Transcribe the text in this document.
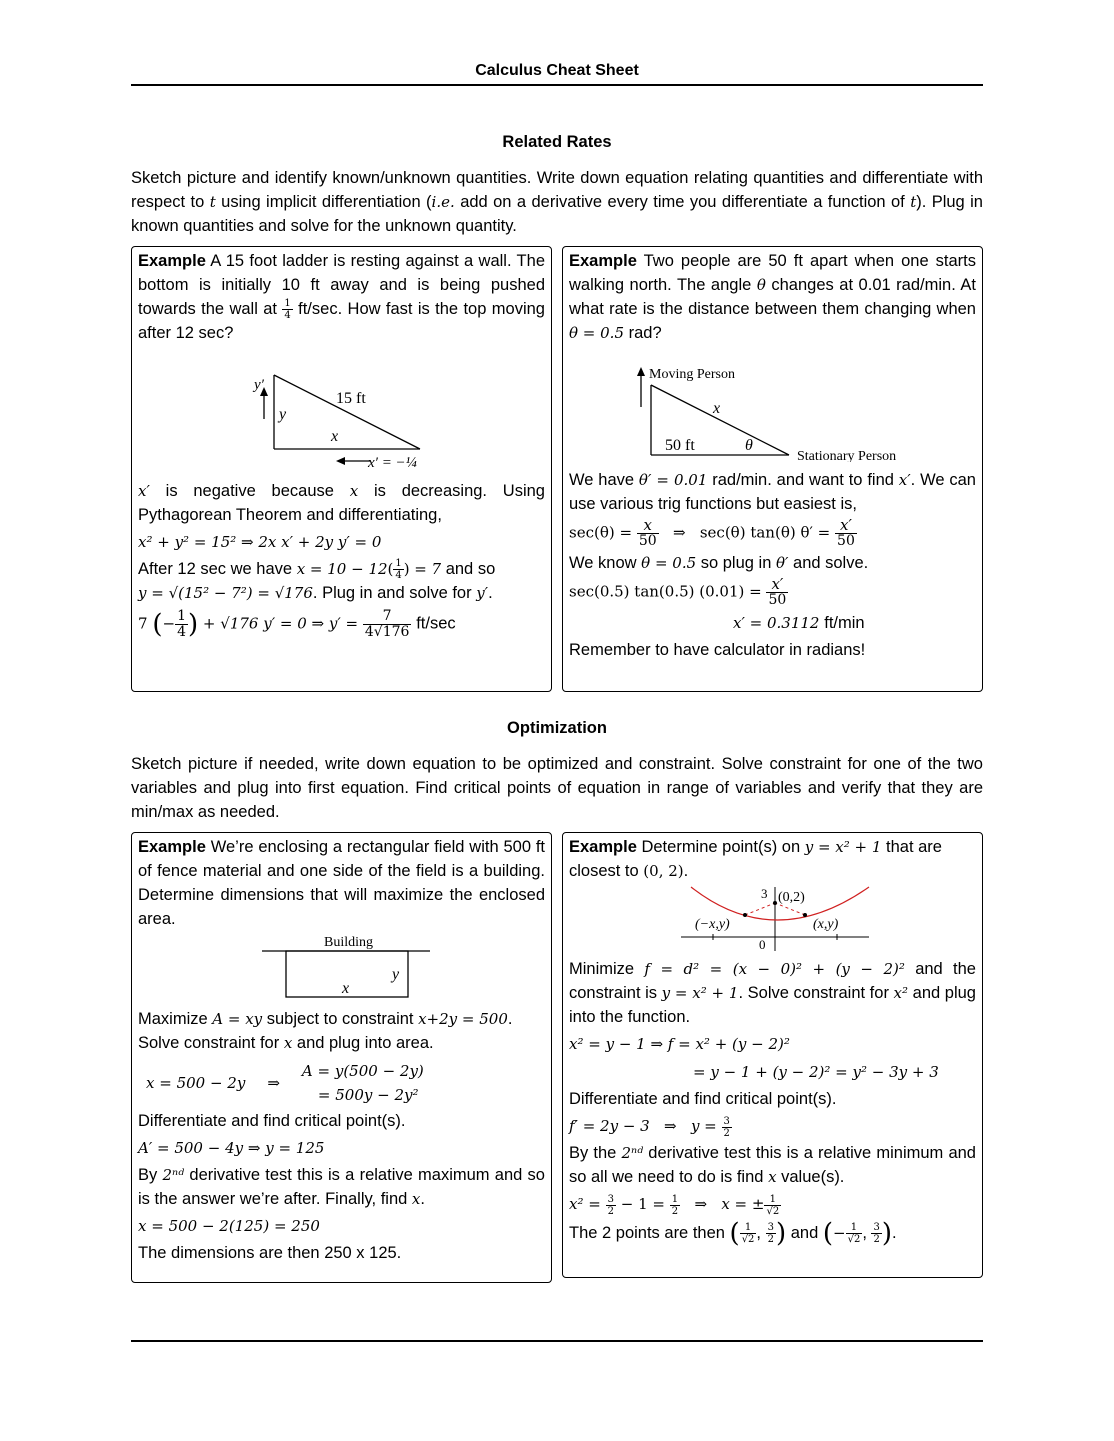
Calculus Cheat Sheet
Related Rates
Sketch picture and identify known/unknown quantities. Write down equation relating quantities and differentiate with respect to t using implicit differentiation (i.e. add on a derivative every time you differentiate a function of t). Plug in known quantities and solve for the unknown quantity.

Example A 15 foot ladder is resting against a wall. The bottom is initially 10 ft away and is being pushed towards the wall at $\frac{1}{4} ft/\sec$. How fast is the top moving after 12 sec?

y′
y
15 ft
x
x′ = −¼

x′ is negative because x is decreasing. Using Pythagorean Theorem and differentiating,

x² + y² = 15² ⇒ 2x x′ + 2y y′ = 0

After 12 sec we have $x = 10 - 12( \frac{1}{4}$ ) = 7 and so
y = √(15² − 7²) = √176. Plug in and solve for y′.

7 (− $\frac{1}{4}$ ) + √176 y′ = 0 ⇒ $y' = \frac{7}{4√176} ft/\sec$

Example Two people are 50 ft apart when one starts walking north. The angle θ changes at 0.01 rad/min. At what rate is the distance between them changing when θ = 0.5 rad?

Moving Person
x
50 ft	θ
Stationary Person

We have θ′ = 0.01 rad/min. and want to find x′. We can use various trig functions but easiest is,

$\sec(\theta) = \frac{x}{50}$ ⇒ sec(θ) tan(θ) $\theta' = \frac{x'}{50}$

We know θ = 0.5 so plug in θ′ and solve.

sec(0.5) tan(0.5) $(0.01) = \frac{x'}{50}$
x′ = 0.3112 ft/min

Remember to have calculator in radians!

Optimization
Sketch picture if needed, write down equation to be optimized and constraint. Solve constraint for one of the two variables and plug into first equation. Find critical points of equation in range of variables and verify that they are min/max as needed.

Example We’re enclosing a rectangular field with 500 ft of fence material and one side of the field is a building. Determine dimensions that will maximize the enclosed area.

Building
y
x

Maximize A = xy subject to constraint x+2y = 500. Solve constraint for x and plug into area.

x = 500 − 2y ⇒
A = y(500 − 2y)
= 500y − 2y²

Differentiate and find critical point(s).

A′ = 500 − 4y ⇒ y = 125

By 2ⁿᵈ derivative test this is a relative maximum and so is the answer we’re after. Finally, find x.

x = 500 − 2(125) = 250

The dimensions are then 250 x 125.

Example Determine point(s) on y = x² + 1 that are closest to (0, 2).

3 (0,2)
(−x,y)	(x,y)
0

Minimize f = d² = (x − 0)² + (y − 2)² and the constraint is y = x² + 1. Solve constraint for x² and plug into the function.

x² = y − 1 ⇒ f = x² + (y − 2)²
= y − 1 + (y − 2)² = y² − 3y + 3

Differentiate and find critical point(s).

f′ = 2y − 3 ⇒ $y = \frac{3}{2}$

By the 2ⁿᵈ derivative test this is a relative minimum and so all we need to do is find x value(s).

$x^2 = \frac{3}{2} - 1 = \frac{1}{2}$ ⇒ x = ± $\frac{1}{√2}$

The 2 points are then ( $\frac{1}{√2}$ , $\frac{3}{2}$ ) and (− $\frac{1}{√2}$ , $\frac{3}{2}$ ).
